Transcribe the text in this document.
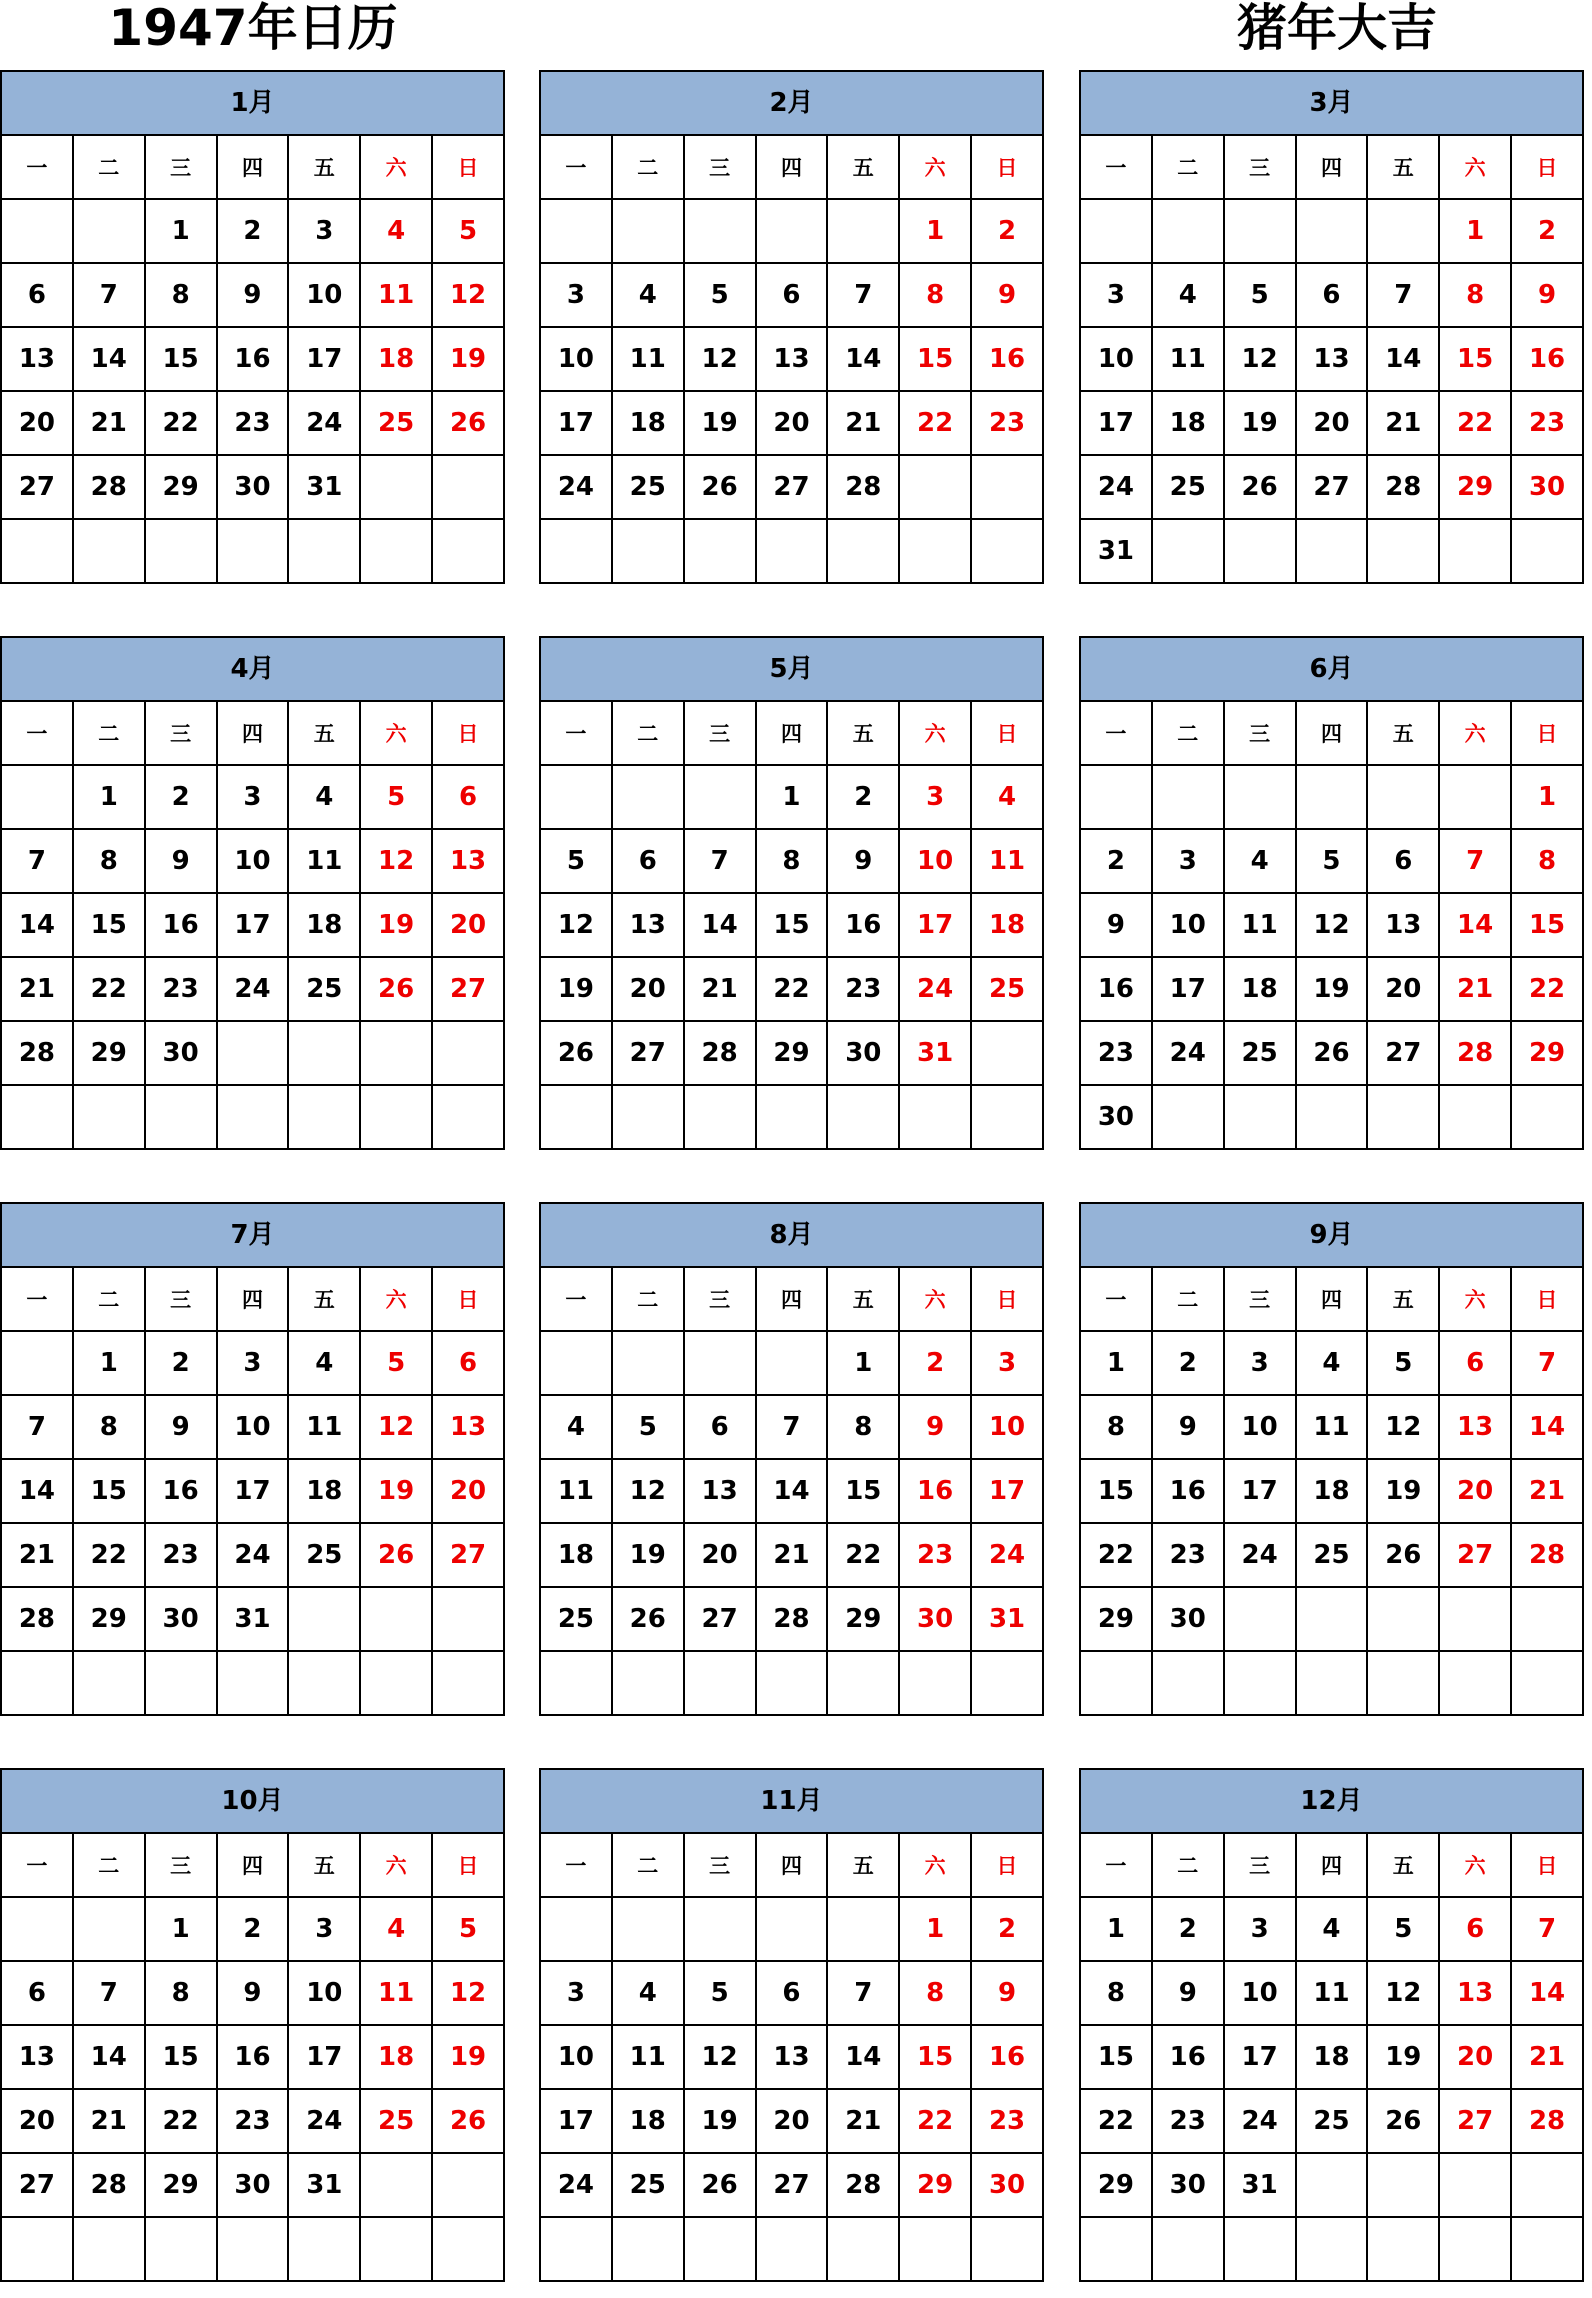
1947年日历	猪年大吉
1月
一	二	三	四	五	六	日
		1	2	3	4	5
6	7	8	9	10	11	12
13	14	15	16	17	18	19
20	21	22	23	24	25	26
27	28	29	30	31		

2月
一	二	三	四	五	六	日
					1	2
3	4	5	6	7	8	9
10	11	12	13	14	15	16
17	18	19	20	21	22	23
24	25	26	27	28		

3月
一	二	三	四	五	六	日
					1	2
3	4	5	6	7	8	9
10	11	12	13	14	15	16
17	18	19	20	21	22	23
24	25	26	27	28	29	30
31						
4月
一	二	三	四	五	六	日
	1	2	3	4	5	6
7	8	9	10	11	12	13
14	15	16	17	18	19	20
21	22	23	24	25	26	27
28	29	30				

5月
一	二	三	四	五	六	日
			1	2	3	4
5	6	7	8	9	10	11
12	13	14	15	16	17	18
19	20	21	22	23	24	25
26	27	28	29	30	31	

6月
一	二	三	四	五	六	日
						1
2	3	4	5	6	7	8
9	10	11	12	13	14	15
16	17	18	19	20	21	22
23	24	25	26	27	28	29
30						
7月
一	二	三	四	五	六	日
	1	2	3	4	5	6
7	8	9	10	11	12	13
14	15	16	17	18	19	20
21	22	23	24	25	26	27
28	29	30	31			

8月
一	二	三	四	五	六	日
				1	2	3
4	5	6	7	8	9	10
11	12	13	14	15	16	17
18	19	20	21	22	23	24
25	26	27	28	29	30	31

9月
一	二	三	四	五	六	日
1	2	3	4	5	6	7
8	9	10	11	12	13	14
15	16	17	18	19	20	21
22	23	24	25	26	27	28
29	30					

10月
一	二	三	四	五	六	日
		1	2	3	4	5
6	7	8	9	10	11	12
13	14	15	16	17	18	19
20	21	22	23	24	25	26
27	28	29	30	31		

11月
一	二	三	四	五	六	日
					1	2
3	4	5	6	7	8	9
10	11	12	13	14	15	16
17	18	19	20	21	22	23
24	25	26	27	28	29	30

12月
一	二	三	四	五	六	日
1	2	3	4	5	6	7
8	9	10	11	12	13	14
15	16	17	18	19	20	21
22	23	24	25	26	27	28
29	30	31				
